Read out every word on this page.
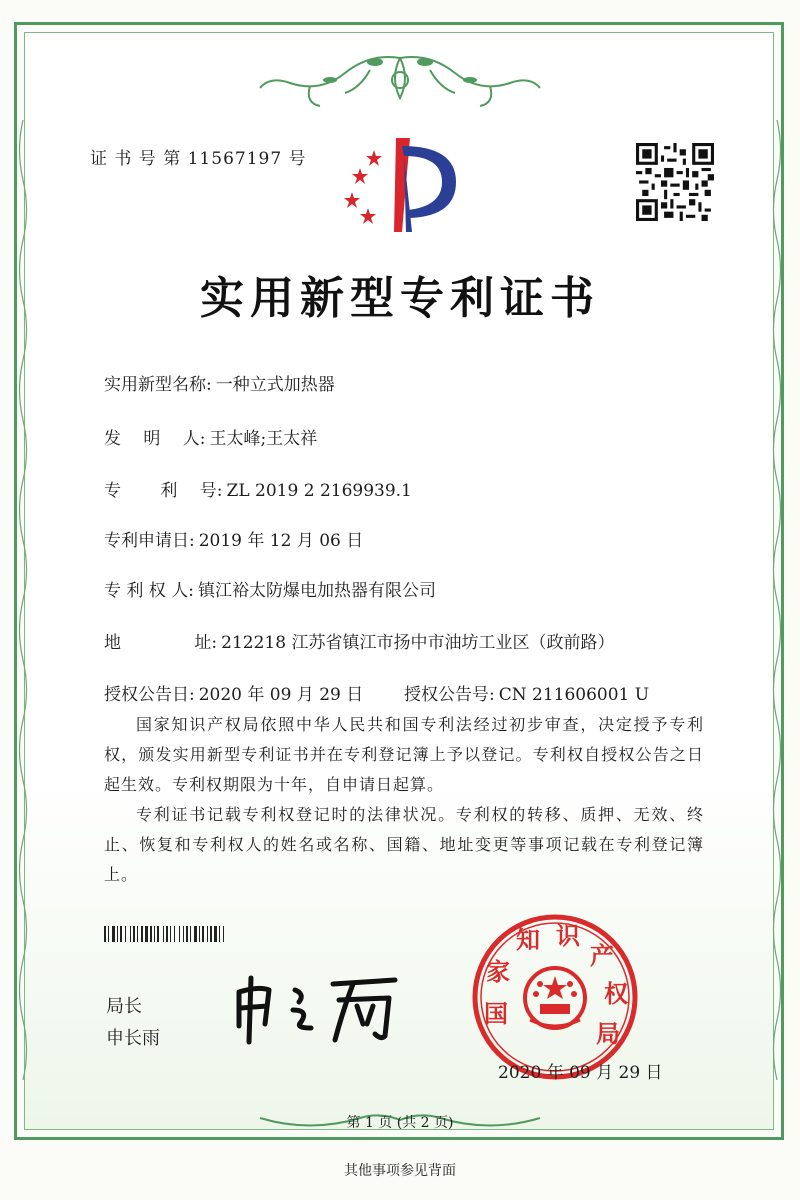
证 书 号 第 11567197 号
实用新型专利证书
实用新型名称: 一种立式加热器
发　 明　 人: 王太峰;王太祥
专　　 利　 号: ZL 2019 2 2169939.1
专利申请日: 2019 年 12 月 06 日
专 利 权 人: 镇江裕太防爆电加热器有限公司
地　　　　 址: 212218 江苏省镇江市扬中市油坊工业区（政前路）
授权公告日: 2020 年 09 月 29 日 授权公告号: CN 211606001 U
国家知识产权局依照中华人民共和国专利法经过初步审查，决定授予专利权，颁发实用新型专利证书并在专利登记簿上予以登记。专利权自授权公告之日起生效。专利权期限为十年，自申请日起算。
专利证书记载专利权登记时的法律状况。专利权的转移、质押、无效、终止、恢复和专利权人的姓名或名称、国籍、地址变更等事项记载在专利登记簿上。
局长
申长雨
国
家
知 识
产
权
局
2020 年 09 月 29 日
第 1 页 (共 2 页)
其他事项参见背面
